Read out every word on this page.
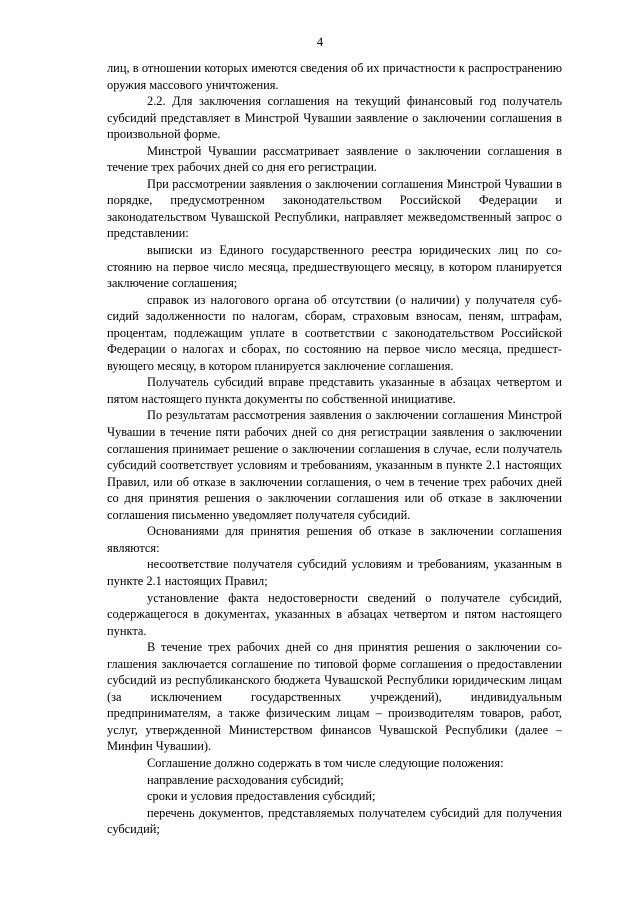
4

лиц, в отношении которых имеются сведения об их причастности к распространению оружия массового уничтожения.

2.2. Для заключения соглашения на текущий финансовый год получатель субсидий представляет в Минстрой Чувашии заявление о заключении соглашения в произвольной форме.

Минстрой Чувашии рассматривает заявление о заключении соглашения в течение трех рабочих дней со дня его регистрации.

При рассмотрении заявления о заключении соглашения Минстрой Чувашии в порядке, предусмотренном законодательством Российской Федерации и законодательством Чувашской Республики, направляет межведомственный запрос о представлении:

выписки из Единого государственного реестра юридических лиц по состоянию на первое число месяца, предшествующего месяцу, в котором планируется заключение соглашения;

справок из налогового органа об отсутствии (о наличии) у получателя субсидий задолженности по налогам, сборам, страховым взносам, пеням, штрафам, процентам, подлежащим уплате в соответствии с законодательством Российской Федерации о налогах и сборах, по состоянию на первое число месяца, предшествующего месяцу, в котором планируется заключение соглашения.

Получатель субсидий вправе представить указанные в абзацах четвертом и пятом настоящего пункта документы по собственной инициативе.

По результатам рассмотрения заявления о заключении соглашения Минстрой Чувашии в течение пяти рабочих дней со дня регистрации заявления о заключении соглашения принимает решение о заключении соглашения в случае, если получатель субсидий соответствует условиям и требованиям, указанным в пункте 2.1 настоящих Правил, или об отказе в заключении соглашения, о чем в течение трех рабочих дней со дня принятия решения о заключении соглашения или об отказе в заключении соглашения письменно уведомляет получателя субсидий.

Основаниями для принятия решения об отказе в заключении соглашения являются:

несоответствие получателя субсидий условиям и требованиям, указанным в пункте 2.1 настоящих Правил;

установление факта недостоверности сведений о получателе субсидий, содержащегося в документах, указанных в абзацах четвертом и пятом настоящего пункта.

В течение трех рабочих дней со дня принятия решения о заключении соглашения заключается соглашение по типовой форме соглашения о предоставлении субсидий из республиканского бюджета Чувашской Республики юридическим лицам (за исключением государственных учреждений), индивидуальным предпринимателям, а также физическим лицам – производителям товаров, работ, услуг, утвержденной Министерством финансов Чувашской Республики (далее – Минфин Чувашии).

Соглашение должно содержать в том числе следующие положения:

направление расходования субсидий;

сроки и условия предоставления субсидий;

перечень документов, представляемых получателем субсидий для получения субсидий;
